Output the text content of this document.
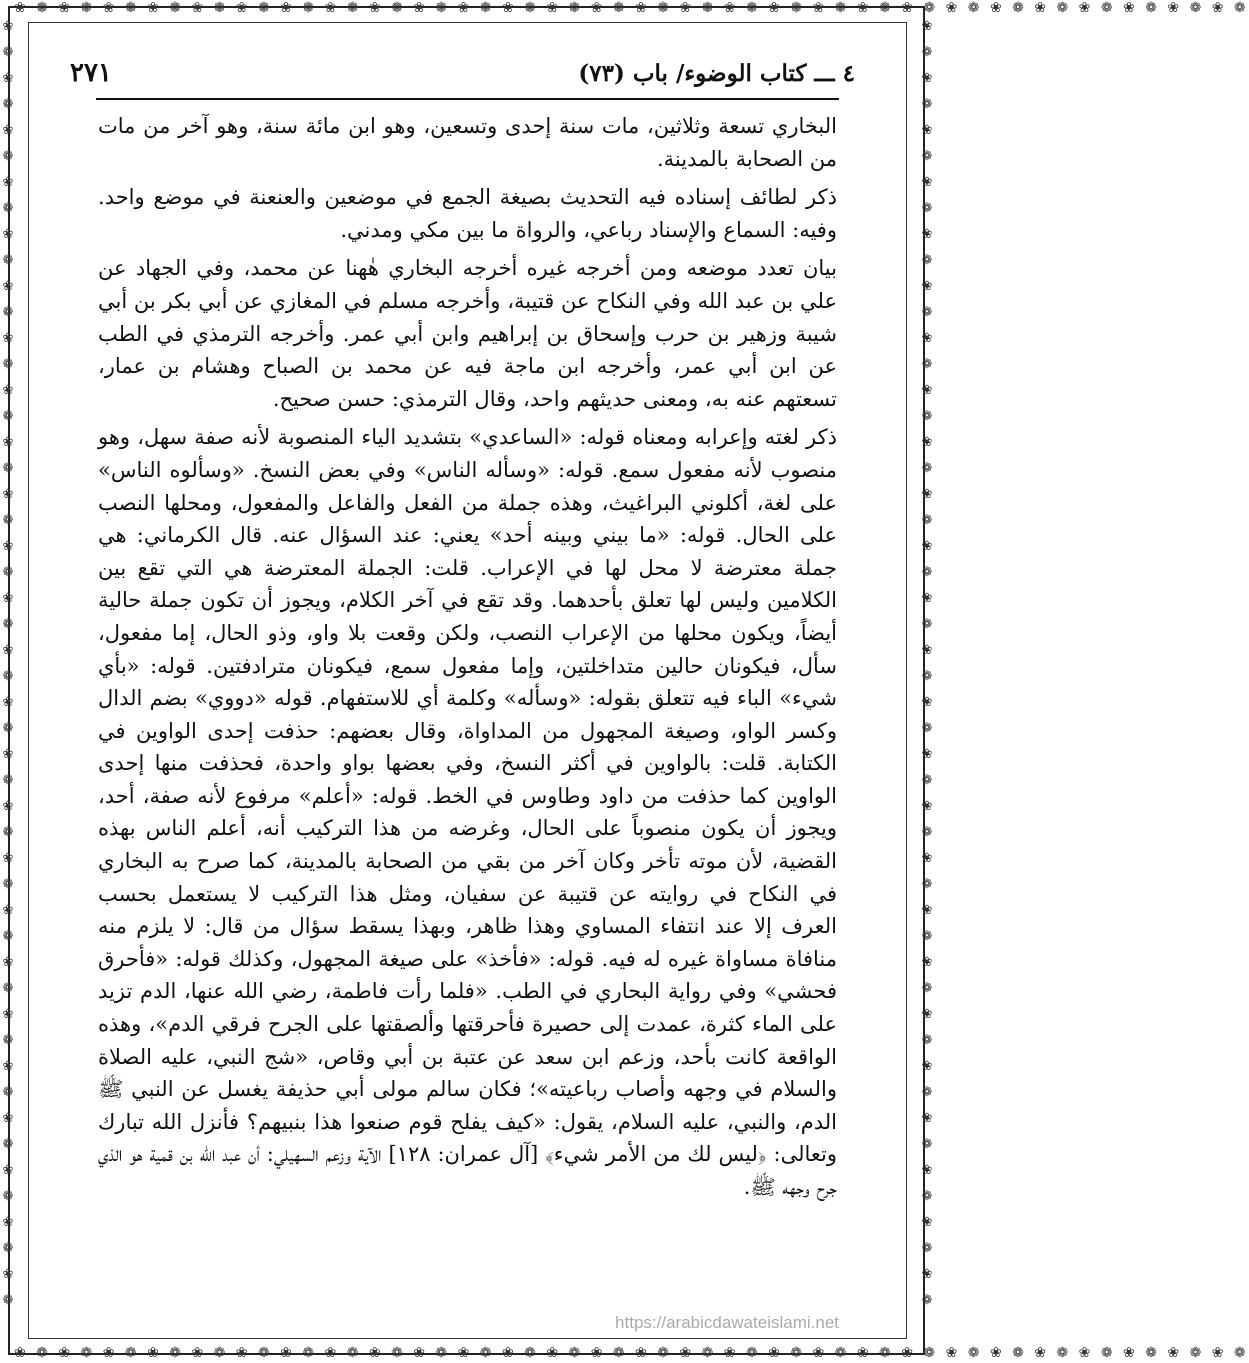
❀ ❁ ❀ ❁ ❀ ❁ ❀ ❁ ❀ ❁ ❀ ❁ ❀ ❁ ❀ ❁ ❀ ❁ ❀ ❁ ❀ ❁ ❀ ❁ ❀ ❁ ❀ ❁ ❀ ❁ ❀ ❁ ❀ ❁ ❀ ❁ ❀ ❁ ❀ ❁ ❀ ❁ ❀ ❁ ❀ ❁ ❀ ❁ ❀ ❁ ❀ ❁ ❀ ❁ ❀ ❁
❀ ❁ ❀ ❁ ❀ ❁ ❀ ❁ ❀ ❁ ❀ ❁ ❀ ❁ ❀ ❁ ❀ ❁ ❀ ❁ ❀ ❁ ❀ ❁ ❀ ❁ ❀ ❁ ❀ ❁ ❀ ❁ ❀ ❁ ❀ ❁ ❀ ❁ ❀ ❁ ❀ ❁ ❀ ❁ ❀ ❁ ❀ ❁ ❀ ❁ ❀ ❁ ❀ ❁ ❀ ❁
❀
❁
❀
❁
❀
❁
❀
❁
❀
❁
❀
❁
❀
❁
❀
❁
❀
❁
❀
❁
❀
❁
❀
❁
❀
❁
❀
❁
❀
❁
❀
❁
❀
❁
❀
❁
❀
❁
❀
❁
❀
❁
❀
❁
❀
❁
❀
❁
❀
❁
❀
❁
❀
❁
❀
❁
❀
❁
❀
❁
❀
❁
❀
❁
❀
❁
❀
❁
❀
❁
❀
❁
❀
❁
❀
❁
❀
❁
❀
❁
❀
❁
❀
❁
❀
❁
❀
❁
❀
❁
❀
❁
❀
❁
❀
❁
❀
❁
❀
❁
٤ ـــ كتاب الوضوء/ باب (٧٣)
٢٧١

البخاري تسعة وثلاثين، مات سنة إحدى وتسعين، وهو ابن مائة سنة، وهو آخر من مات من الصحابة بالمدينة.

ذكر لطائف إسناده فيه التحديث بصيغة الجمع في موضعين والعنعنة في موضع واحد. وفيه: السماع والإسناد رباعي، والرواة ما بين مكي ومدني.

بيان تعدد موضعه ومن أخرجه غيره أخرجه البخاري هٰهنا عن محمد، وفي الجهاد عن علي بن عبد الله وفي النكاح عن قتيبة، وأخرجه مسلم في المغازي عن أبي بكر بن أبي شيبة وزهير بن حرب وإسحاق بن إبراهيم وابن أبي عمر. وأخرجه الترمذي في الطب عن ابن أبي عمر، وأخرجه ابن ماجة فيه عن محمد بن الصباح وهشام بن عمار، تسعتهم عنه به، ومعنى حديثهم واحد، وقال الترمذي: حسن صحيح.

ذكر لغته وإعرابه ومعناه قوله: «الساعدي» بتشديد الياء المنصوبة لأنه صفة سهل، وهو منصوب لأنه مفعول سمع. قوله: «وسأله الناس» وفي بعض النسخ. «وسألوه الناس» على لغة، أكلوني البراغيث، وهذه جملة من الفعل والفاعل والمفعول، ومحلها النصب على الحال. قوله: «ما بيني وبينه أحد» يعني: عند السؤال عنه. قال الكرماني: هي جملة معترضة لا محل لها في الإعراب. قلت: الجملة المعترضة هي التي تقع بين الكلامين وليس لها تعلق بأحدهما. وقد تقع في آخر الكلام، ويجوز أن تكون جملة حالية أيضاً، ويكون محلها من الإعراب النصب، ولكن وقعت بلا واو، وذو الحال، إما مفعول، سأل، فيكونان حالين متداخلتين، وإما مفعول سمع، فيكونان مترادفتين. قوله: «بأي شيء» الباء فيه تتعلق بقوله: «وسأله» وكلمة أي للاستفهام. قوله «دووي» بضم الدال وكسر الواو، وصيغة المجهول من المداواة، وقال بعضهم: حذفت إحدى الواوين في الكتابة. قلت: بالواوين في أكثر النسخ، وفي بعضها بواو واحدة، فحذفت منها إحدى الواوين كما حذفت من داود وطاوس في الخط. قوله: «أعلم» مرفوع لأنه صفة، أحد، ويجوز أن يكون منصوباً على الحال، وغرضه من هذا التركيب أنه، أعلم الناس بهذه القضية، لأن موته تأخر وكان آخر من بقي من الصحابة بالمدينة، كما صرح به البخاري في النكاح في روايته عن قتيبة عن سفيان، ومثل هذا التركيب لا يستعمل بحسب العرف إلا عند انتفاء المساوي وهذا ظاهر، وبهذا يسقط سؤال من قال: لا يلزم منه منافاة مساواة غيره له فيه. قوله: «فأخذ» على صيغة المجهول، وكذلك قوله: «فأحرق فحشي» وفي رواية البحاري في الطب. «فلما رأت فاطمة، رضي الله عنها، الدم تزيد على الماء كثرة، عمدت إلى حصيرة فأحرقتها وألصقتها على الجرح فرقي الدم»، وهذه الواقعة كانت بأحد، وزعم ابن سعد عن عتبة بن أبي وقاص، «شج النبي، عليه الصلاة والسلام في وجهه وأصاب رباعيته»؛ فكان سالم مولى أبي حذيفة يغسل عن النبي ﷺ الدم، والنبي، عليه السلام، يقول: «كيف يفلح قوم صنعوا هذا بنبيهم؟ فأنزل الله تبارك وتعالى: ﴿ليس لك من الأمر شيء﴾ [آل عمران: ١٢٨] الآية وزعم السهيلي: أن عبد الله بن قمية هو الذي جرح وجهه ﷺ.

https://arabicdawateislami.net
